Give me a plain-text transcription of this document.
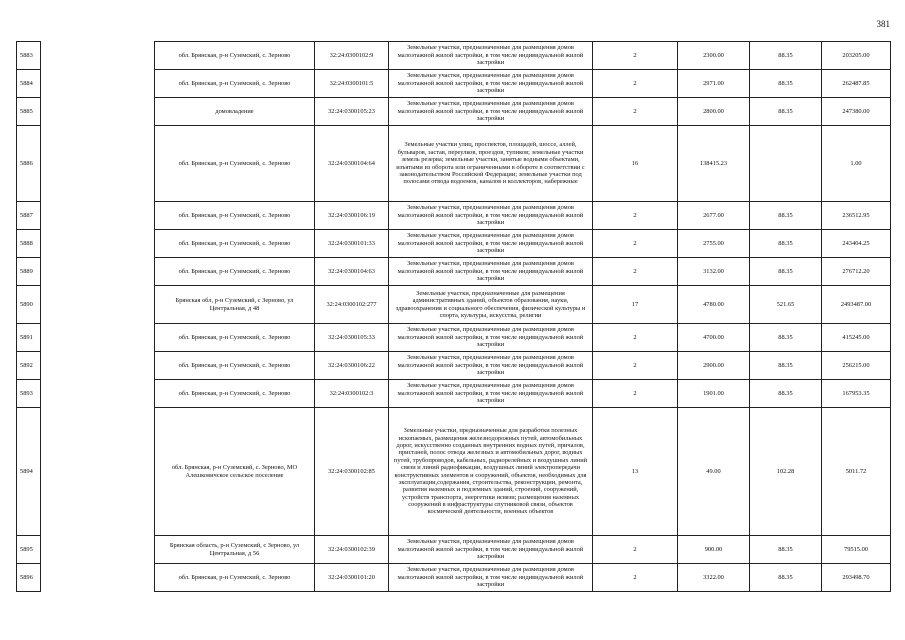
381
5883		обл. Брянская, р-н Суземский, с. Зерново	32:24:0300102:9	Земельные участки, предназначенные для размещения домов малоэтажной жилой застройки, в том числе индивидуальной жилой застройки	2	2300.00	88.35	203205.00
5884		обл. Брянская, р-н Суземский, с. Зерново	32:24:0300101:5	Земельные участки, предназначенные для размещения домов малоэтажной жилой застройки, в том числе индивидуальной жилой застройки	2	2971.00	88.35	262487.85
5885		домовладение	32:24:0300105:23	Земельные участки, предназначенные для размещения домов малоэтажной жилой застройки, в том числе индивидуальной жилой застройки	2	2800.00	88.35	247380.00
5886		обл. Брянская, р-н Суземский, с. Зерново	32:24:0300104:64	Земельные участки улиц, проспектов, площадей, шоссе, аллей, бульваров, застав, переулков, проездов, тупиков; земельные участки земель резерва; земельные участки, занятые водными объектами, изъятыми из оборота или ограниченными в обороте в соответствии с законодательством Российской Федерации; земельные участки под полосами отвода водоемов, каналов и коллекторов, набережные	16	138415.23		1.00
5887		обл. Брянская, р-н Суземский, с. Зерново	32:24:0300106:19	Земельные участки, предназначенные для размещения домов малоэтажной жилой застройки, в том числе индивидуальной жилой застройки	2	2677.00	88.35	236512.95
5888		обл. Брянская, р-н Суземский, с. Зерново	32:24:0300101:33	Земельные участки, предназначенные для размещения домов малоэтажной жилой застройки, в том числе индивидуальной жилой застройки	2	2755.00	88.35	243404.25
5889		обл. Брянская, р-н Суземский, с. Зерново	32:24:0300104:63	Земельные участки, предназначенные для размещения домов малоэтажной жилой застройки, в том числе индивидуальной жилой застройки	2	3132.00	88.35	276712.20
5890		Брянская обл, р-н Суземский, с Зерново, ул Центральная, д 48	32:24:0300102:277	Земельные участки, предназначенные для размещения административных зданий, объектов образования, науки, здравоохранения и социального обеспечения, физической культуры и спорта, культуры, искусства, религии	17	4780.00	521.65	2493487.00
5891		обл. Брянская, р-н Суземский, с. Зерново	32:24:0300105:33	Земельные участки, предназначенные для размещения домов малоэтажной жилой застройки, в том числе индивидуальной жилой застройки	2	4700.00	88.35	415245.00
5892		обл. Брянская, р-н Суземский, с. Зерново	32:24:0300106:22	Земельные участки, предназначенные для размещения домов малоэтажной жилой застройки, в том числе индивидуальной жилой застройки	2	2900.00	88.35	256215.00
5893		обл. Брянская, р-н Суземский, с. Зерново	32:24:0300102:3	Земельные участки, предназначенные для размещения домов малоэтажной жилой застройки, в том числе индивидуальной жилой застройки	2	1901.00	88.35	167953.35
5894		обл. Брянская, р-н Суземский, с. Зерново, МО Алешковичское сельское поселение	32:24:0300102:85	Земельные участки, предназначенные для разработки полезных ископаемых, размещения железнодорожных путей, автомобильных дорог, искусственно созданных внутренних водных путей, причалов, пристаней, полос отвода железных и автомобильных дорог, водных путей, трубопроводов, кабельных, радиорелейных и воздушных линий связи и линий радиофикации, воздушных линий электропередачи конструктивных элементов и сооружений, объектов, необходимых для эксплуатации,содержания, строительства, реконструкции, ремонта, развития наземных и подземных зданий, строений, сооружений, устройств транспорта, энергетики исвязи; размещения наземных сооружений в инфраструктуры спутниковой связи, объектов космической деятельности, военных объектов	13	49.00	102.28	5011.72
5895		Брянская область, р-н Суземский, с Зерново, ул Центральная, д 56	32:24:0300102:39	Земельные участки, предназначенные для размещения домов малоэтажной жилой застройки, в том числе индивидуальной жилой застройки	2	900.00	88.35	79515.00
5896		обл. Брянская, р-н Суземский, с. Зерново	32:24:0300101:20	Земельные участки, предназначенные для размещения домов малоэтажной жилой застройки, в том числе индивидуальной жилой застройки	2	3322.00	88.35	293498.70
